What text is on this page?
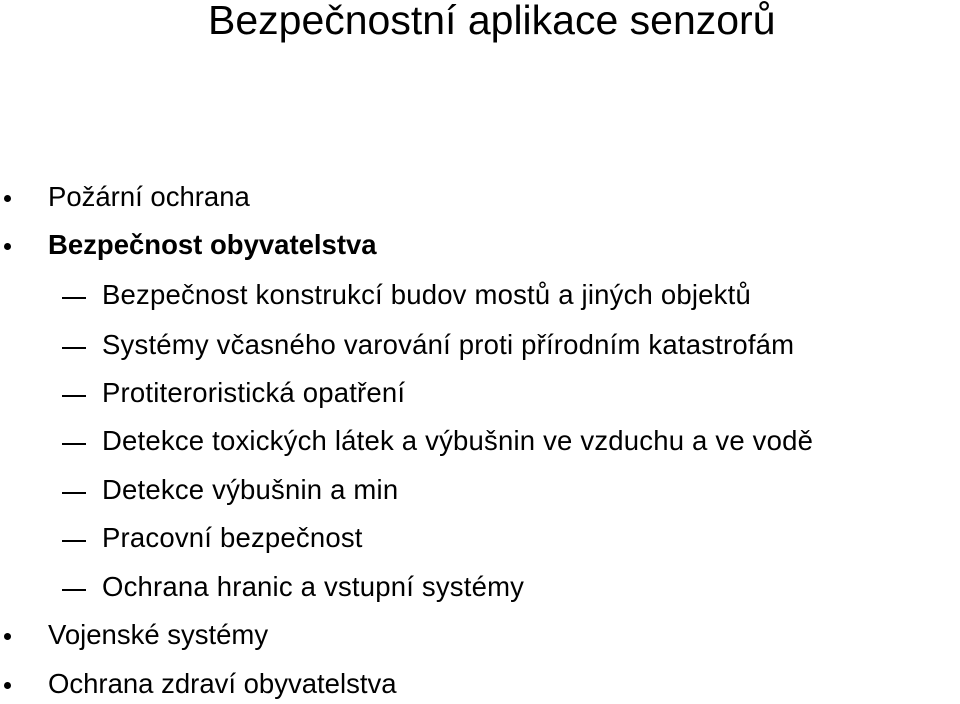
Bezpečnostní aplikace senzorů
Požární ochrana
Bezpečnost obyvatelstva
Bezpečnost konstrukcí budov mostů a jiných objektů
Systémy včasného varování proti přírodním katastrofám
Protiteroristická opatření
Detekce toxických látek a výbušnin ve vzduchu a ve vodě
Detekce výbušnin a min
Pracovní bezpečnost
Ochrana hranic a vstupní systémy
Vojenské systémy
Ochrana zdraví obyvatelstva
